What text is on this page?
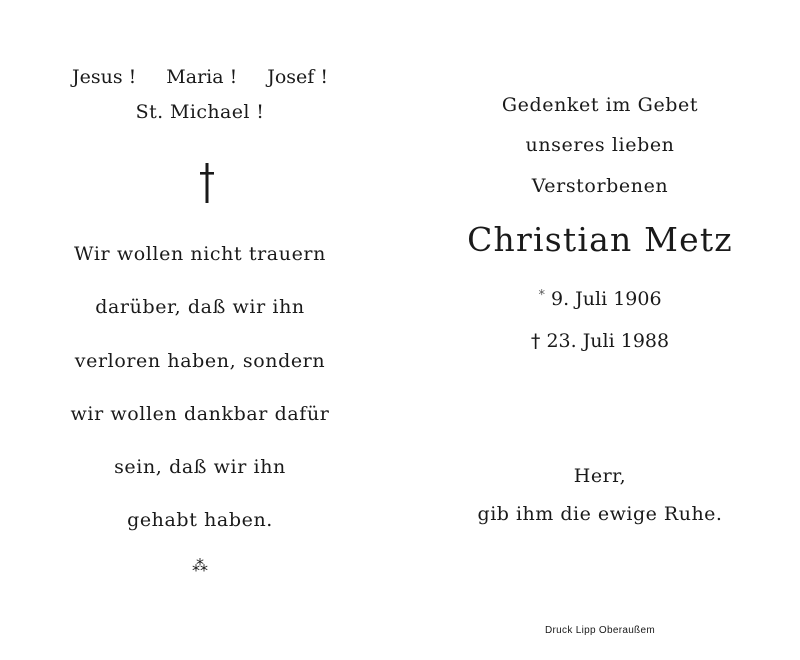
Jesus ! Maria ! Josef !
St. Michael !
Wir wollen nicht trauern
darüber, daß wir ihn
verloren haben, sondern
wir wollen dankbar dafür
sein, daß wir ihn
gehabt haben.
⁂
Gedenket im Gebet
unseres lieben
Verstorbenen
Christian Metz
* 9. Juli 1906
† 23. Juli 1988
Herr,
gib ihm die ewige Ruhe.
Druck Lipp Oberaußem
